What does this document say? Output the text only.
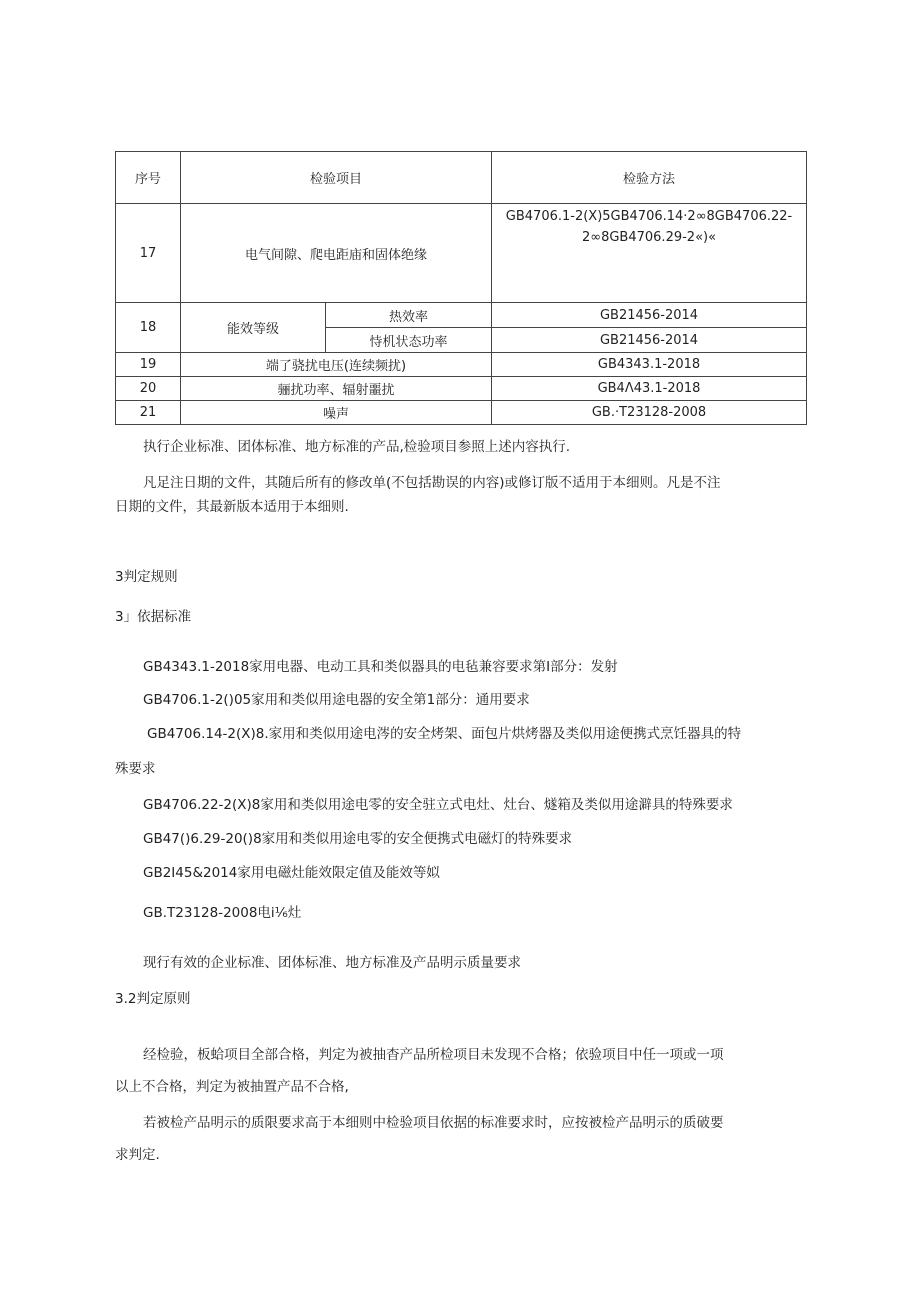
序号	检验项目		检验方法
17	电气间隙、爬电距庙和固体绝缘		GB4706.1-2(X)5GB4706.14·2∞8GB4706.22-2∞8GB4706.29-2«)«
18	能效等级	热效率	GB21456-2014
		恃机状态功率	GB21456-2014
19	端了骁扰电压(连续频扰)		GB4343.1-2018
20	骊扰功率、辐射噩扰		GB4Λ43.1-2018
21	噪声		GB.·T23128-2008
执行企业标准、团体标准、地方标准的产品,检验项目参照上述内容执行.
凡足注日期的文件，其随后所有的修改单(不包括勘误的内容)或修订版不适用于本细则。凡是不注
日期的文件，其最新版本适用于本细则.
3判定规则
3」依据标准
GB4343.1-2018家用电器、电动工具和类似器具的电毡兼容要求第I部分：发射
GB4706.1-2()05家用和类似用途电器的安全第1部分：通用要求
GB4706.14-2(X)8.家用和类似用途电涔的安全烤架、面包片烘烤器及类似用途便携式烹饪器具的特
殊要求
GB4706.22-2(X)8家用和类似用途电零的安全驻立式电灶、灶台、燧箱及类似用途澼具的特殊要求
GB47()6.29-20()8家用和类似用途电零的安全便携式电磁灯的特殊要求
GB2I45&2014家用电磁灶能效限定值及能效等姒
GB.T23128-2008电i⅙灶
现行有效的企业标准、团体标准、地方标准及产品明示质量要求
3.2判定原则
经检验，板蛤项目全部合格，判定为被抽杳产品所检项目未发现不合格；依验项目中任一项或一项
以上不合格，判定为被抽置产品不合格,
若被检产品明示的质限要求高于本细则中检验项目依据的标准要求时，应按被检产品明示的质破要
求判定.
